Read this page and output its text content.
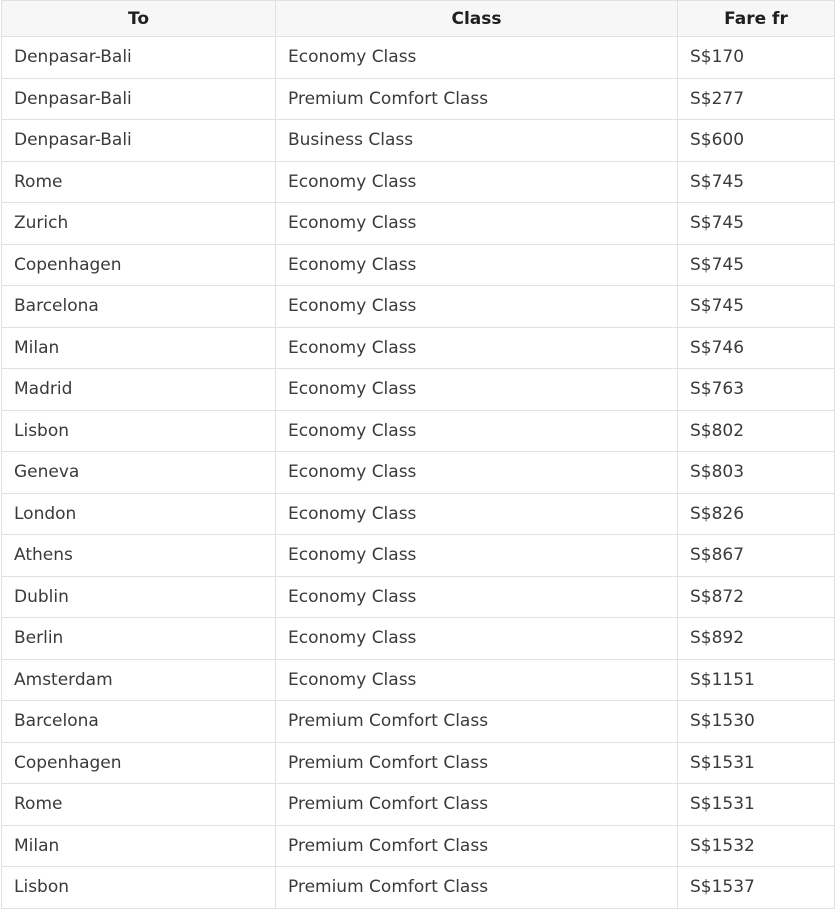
To	Class	Fare fr
Denpasar-Bali	Economy Class	S$170
Denpasar-Bali	Premium Comfort Class	S$277
Denpasar-Bali	Business Class	S$600
Rome	Economy Class	S$745
Zurich	Economy Class	S$745
Copenhagen	Economy Class	S$745
Barcelona	Economy Class	S$745
Milan	Economy Class	S$746
Madrid	Economy Class	S$763
Lisbon	Economy Class	S$802
Geneva	Economy Class	S$803
London	Economy Class	S$826
Athens	Economy Class	S$867
Dublin	Economy Class	S$872
Berlin	Economy Class	S$892
Amsterdam	Economy Class	S$1151
Barcelona	Premium Comfort Class	S$1530
Copenhagen	Premium Comfort Class	S$1531
Rome	Premium Comfort Class	S$1531
Milan	Premium Comfort Class	S$1532
Lisbon	Premium Comfort Class	S$1537
